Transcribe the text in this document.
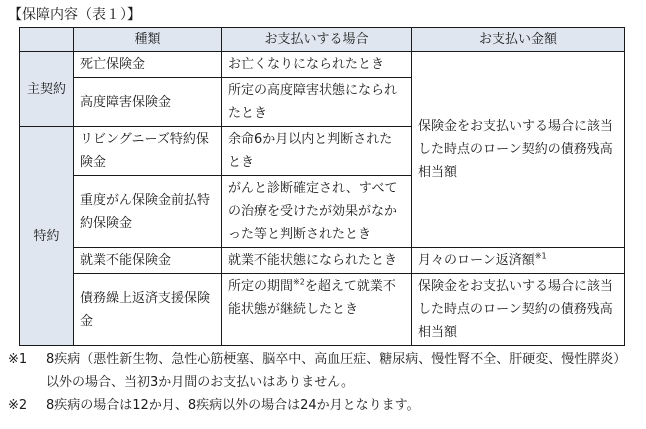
【保障内容（表１）】
	種類	お支払いする場合	お支払い金額
主契約	死亡保険金	お亡くなりになられたとき	保険金をお支払いする場合に該当した時点のローン契約の債務残高相当額
	高度障害保険金	所定の高度障害状態になられたとき	
特約	リビングニーズ特約保険金	余命6か月以内と判断されたとき	
	重度がん保険金前払特約保険金	がんと診断確定され、すべての治療を受けたが効果がなかった等と判断されたとき	
	就業不能保険金	就業不能状態になられたとき	月々のローン返済額$^{※1}$
	債務繰上返済支援保険金	所定の期間$^{※2}$を超えて就業不能状態が継続したとき	保険金をお支払いする場合に該当した時点のローン契約の債務残高相当額
※1	8疾病（悪性新生物、急性心筋梗塞、脳卒中、高血圧症、糖尿病、慢性腎不全、肝硬変、慢性膵炎）以外の場合、当初3か月間のお支払いはありません。
※2	8疾病の場合は12か月、8疾病以外の場合は24か月となります。
